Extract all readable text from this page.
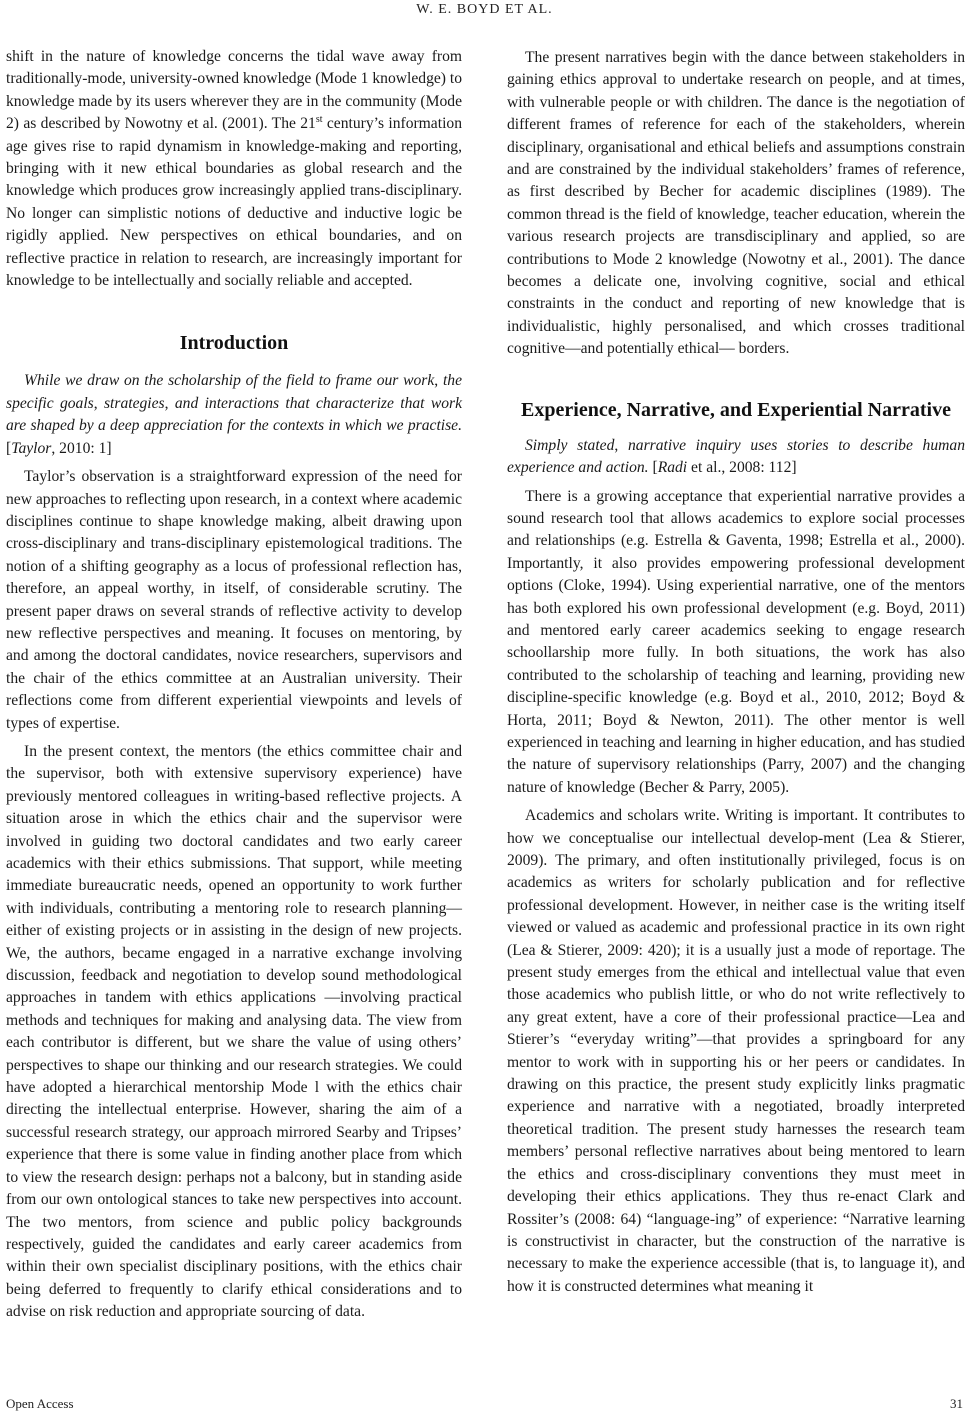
W. E. BOYD ET AL.

shift in the nature of knowledge concerns the tidal wave away from traditionally-mode, university-owned knowledge (Mode 1 knowledge) to knowledge made by its users wherever they are in the community (Mode 2) as described by Nowotny et al. (2001). The 21st century’s information age gives rise to rapid dynamism in knowledge-making and reporting, bringing with it new ethical boundaries as global research and the knowledge which produces grow increasingly applied trans-disciplinary. No longer can simplistic notions of deductive and inductive logic be rigidly applied. New perspectives on ethical boundaries, and on reflective practice in relation to research, are increasingly important for knowledge to be intellectually and socially reliable and accepted.

Introduction

While we draw on the scholarship of the field to frame our work, the specific goals, strategies, and interactions that characterize that work are shaped by a deep appreciation for the contexts in which we practise. [Taylor, 2010: 1]

Taylor’s observation is a straightforward expression of the need for new approaches to reflecting upon research, in a context where academic disciplines continue to shape knowledge making, albeit drawing upon cross-disciplinary and trans-disciplinary epistemological traditions. The notion of a shifting geography as a locus of professional reflection has, therefore, an appeal worthy, in itself, of considerable scrutiny. The present paper draws on several strands of reflective activity to develop new reflective perspectives and meaning. It focuses on mentoring, by and among the doctoral candidates, novice researchers, supervisors and the chair of the ethics committee at an Australian university. Their reflections come from different experiential viewpoints and levels of types of expertise.

In the present context, the mentors (the ethics committee chair and the supervisor, both with extensive supervisory experience) have previously mentored colleagues in writing-based reflective projects. A situation arose in which the ethics chair and the supervisor were involved in guiding two doctoral candidates and two early career academics with their ethics submissions. That support, while meeting immediate bureaucratic needs, opened an opportunity to work further with individuals, contributing a mentoring role to research planning—either of existing projects or in assisting in the design of new projects. We, the authors, became engaged in a narrative exchange involving discussion, feedback and negotiation to develop sound methodological approaches in tandem with ethics applications —involving practical methods and techniques for making and analysing data. The view from each contributor is different, but we share the value of using others’ perspectives to shape our thinking and our research strategies. We could have adopted a hierarchical mentorship Mode l with the ethics chair directing the intellectual enterprise. However, sharing the aim of a successful research strategy, our approach mirrored Searby and Tripses’ experience that there is some value in finding another place from which to view the research design: perhaps not a balcony, but in standing aside from our own ontological stances to take new perspectives into account. The two mentors, from science and public policy backgrounds respectively, guided the candidates and early career academics from within their own specialist disciplinary positions, with the ethics chair being deferred to frequently to clarify ethical considerations and to advise on risk reduction and appropriate sourcing of data.

The present narratives begin with the dance between stakeholders in gaining ethics approval to undertake research on people, and at times, with vulnerable people or with children. The dance is the negotiation of different frames of reference for each of the stakeholders, wherein disciplinary, organisational and ethical beliefs and assumptions constrain and are constrained by the individual stakeholders’ frames of reference, as first described by Becher for academic disciplines (1989). The common thread is the field of knowledge, teacher education, wherein the various research projects are transdisciplinary and applied, so are contributions to Mode 2 knowledge (Nowotny et al., 2001). The dance becomes a delicate one, involving cognitive, social and ethical constraints in the conduct and reporting of new knowledge that is individualistic, highly personalised, and which crosses traditional cognitive—and potentially ethical— borders.

Experience, Narrative, and Experiential Narrative

Simply stated, narrative inquiry uses stories to describe human experience and action. [Radi et al., 2008: 112]

There is a growing acceptance that experiential narrative provides a sound research tool that allows academics to explore social processes and relationships (e.g. Estrella & Gaventa, 1998; Estrella et al., 2000). Importantly, it also provides empowering professional development options (Cloke, 1994). Using experiential narrative, one of the mentors has both explored his own professional development (e.g. Boyd, 2011) and mentored early career academics seeking to engage research schoollarship more fully. In both situations, the work has also contributed to the scholarship of teaching and learning, providing new discipline-specific knowledge (e.g. Boyd et al., 2010, 2012; Boyd & Horta, 2011; Boyd & Newton, 2011). The other mentor is well experienced in teaching and learning in higher education, and has studied the nature of supervisory relationships (Parry, 2007) and the changing nature of knowledge (Becher & Parry, 2005).

Academics and scholars write. Writing is important. It contributes to how we conceptualise our intellectual develop-ment (Lea & Stierer, 2009). The primary, and often institutionally privileged, focus is on academics as writers for scholarly publication and for reflective professional development. However, in neither case is the writing itself viewed or valued as academic and professional practice in its own right (Lea & Stierer, 2009: 420); it is a usually just a mode of reportage. The present study emerges from the ethical and intellectual value that even those academics who publish little, or who do not write reflectively to any great extent, have a core of their professional practice—Lea and Stierer’s “everyday writing”—that provides a springboard for any mentor to work with in supporting his or her peers or candidates. In drawing on this practice, the present study explicitly links pragmatic experience and narrative with a negotiated, broadly interpreted theoretical tradition. The present study harnesses the research team members’ personal reflective narratives about being mentored to learn the ethics and cross-disciplinary conventions they must meet in developing their ethics applications. They thus re-enact Clark and Rossiter’s (2008: 64) “language-ing” of experience: “Narrative learning is constructivist in character, but the construction of the narrative is necessary to make the experience accessible (that is, to language it), and how it is constructed determines what meaning it

Open Access	31
